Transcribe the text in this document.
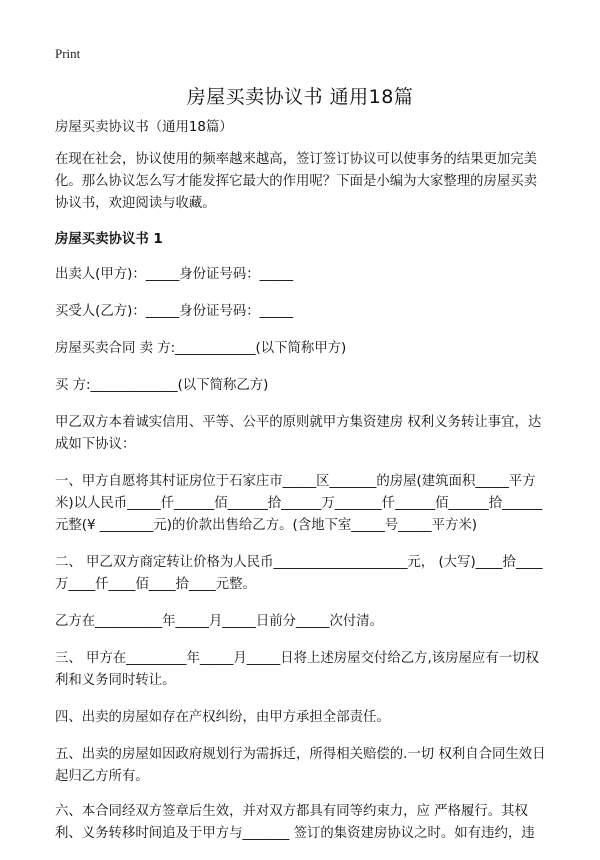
Print
房屋买卖协议书 通用18篇

房屋买卖协议书（通用18篇）

在现在社会，协议使用的频率越来越高，签订签订协议可以使事务的结果更加完美化。那么协议怎么写才能发挥它最大的作用呢？下面是小编为大家整理的房屋买卖协议书，欢迎阅读与收藏。

房屋买卖协议书 1

出卖人(甲方)：_____身份证号码：_____

买受人(乙方)：_____身份证号码：_____

房屋买卖合同 卖 方:____________(以下简称甲方)

买 方:_____________(以下简称乙方)

甲乙双方本着诚实信用、平等、公平的原则就甲方集资建房 权利义务转让事宜，达成如下协议：

一、甲方自愿将其村证房位于石家庄市_____区_______的房屋(建筑面积_____平方米)以人民币_____仟______佰______拾______万_______仟______佰______拾______元整(¥ ________元)的价款出售给乙方。(含地下室_____号_____平方米)

二、 甲乙双方商定转让价格为人民币____________________元， (大写)____拾____万____仟____佰____拾____元整。

乙方在__________年_____月_____日前分_____次付清。

三、 甲方在_________年_____月_____日将上述房屋交付给乙方,该房屋应有一切权利和义务同时转让。

四、出卖的房屋如存在产权纠纷，由甲方承担全部责任。

五、出卖的房屋如因政府规划行为需拆迁，所得相关赔偿的.一切 权利自合同生效日起归乙方所有。

六、本合同经双方签章后生效，并对双方都具有同等约束力，应 严格履行。其权利、义务转移时间追及于甲方与_______ 签订的集资建房协议之时。如有违约，违
